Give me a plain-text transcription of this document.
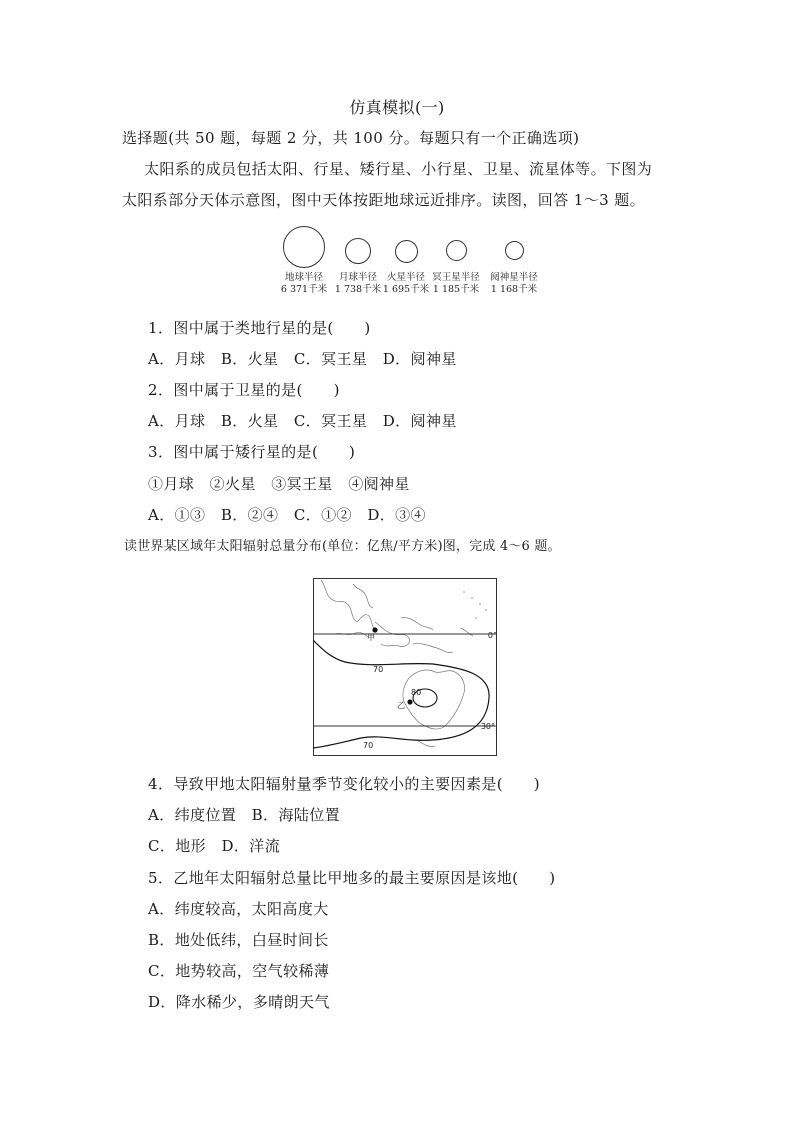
仿真模拟(一)
选择题(共 50 题，每题 2 分，共 100 分。每题只有一个正确选项)
太阳系的成员包括太阳、行星、矮行星、小行星、卫星、流星体等。下图为
太阳系部分天体示意图，图中天体按距地球远近排序。读图，回答 1～3 题。
地球半径
6 371千米
月球半径
1 738千米
火星半径
1 695千米
冥王星半径
1 185千米
阋神星半径
1 168千米
1．图中属于类地行星的是(　　)
A．月球　B．火星　C．冥王星　D．阋神星
2．图中属于卫星的是(　　)
A．月球　B．火星　C．冥王星　D．阋神星
3．图中属于矮行星的是(　　)
①月球　②火星　③冥王星　④阋神星
A．①③　B．②④　C．①②　D．③④
读世界某区域年太阳辐射总量分布(单位：亿焦/平方米)图，完成 4～6 题。
甲
乙
0°
30°
70
80
70
4．导致甲地太阳辐射量季节变化较小的主要因素是(　　)
A．纬度位置　B．海陆位置
C．地形　D．洋流
5．乙地年太阳辐射总量比甲地多的最主要原因是该地(　　)
A．纬度较高，太阳高度大
B．地处低纬，白昼时间长
C．地势较高，空气较稀薄
D．降水稀少，多晴朗天气
